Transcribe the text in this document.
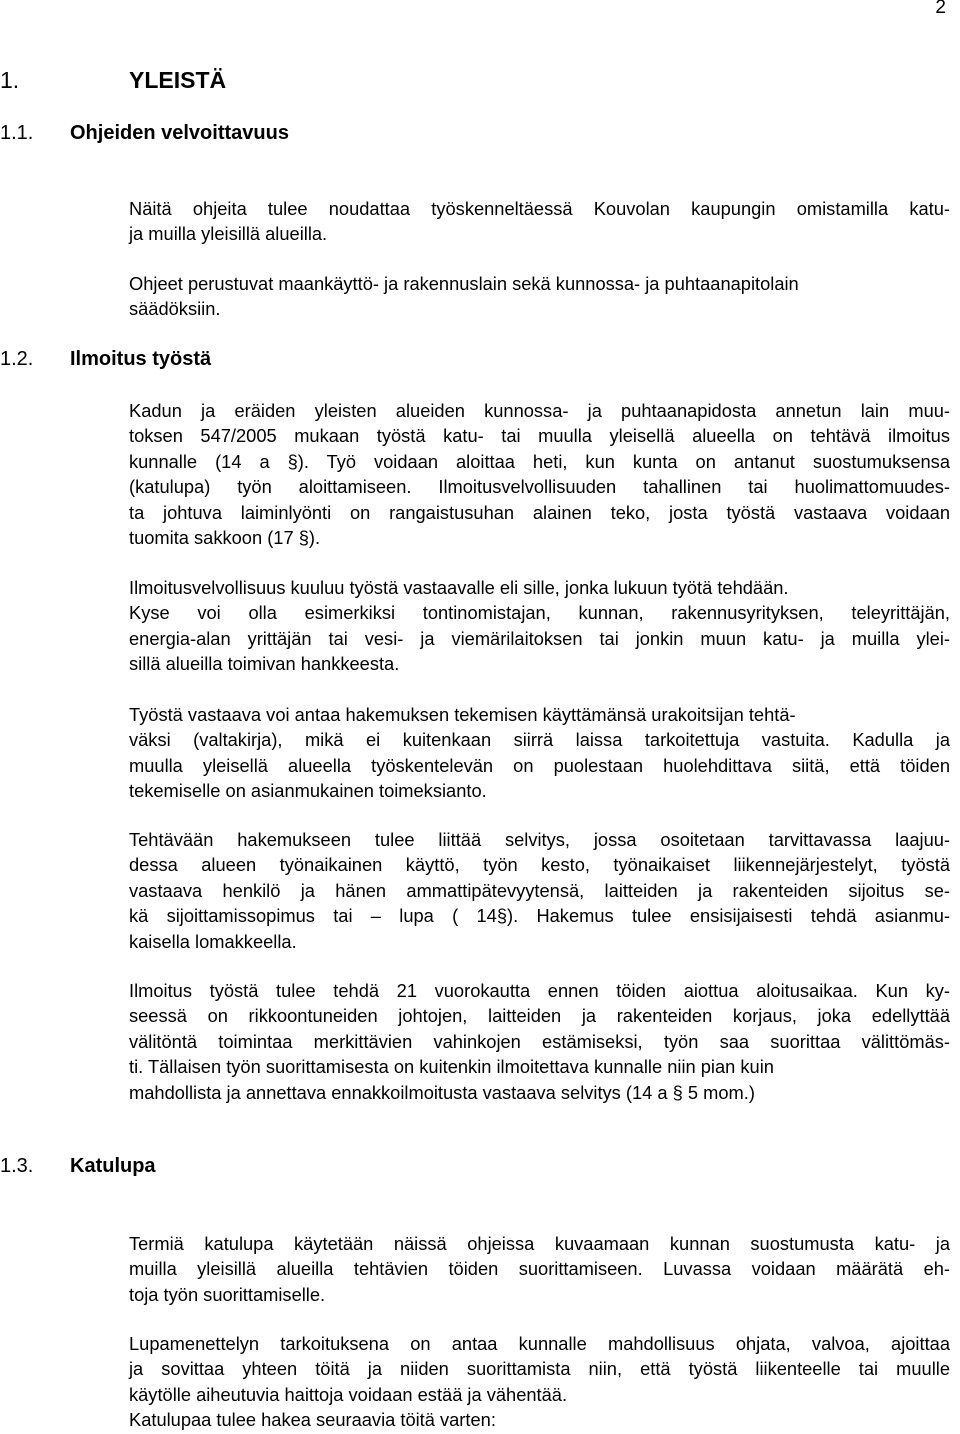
2
1.	YLEISTÄ
1.1. Ohjeiden velvoittavuus
Näitä ohjeita tulee noudattaa työskenneltäessä Kouvolan kaupungin omistamilla katu-
ja muilla yleisillä alueilla.
Ohjeet perustuvat maankäyttö- ja rakennuslain sekä kunnossa- ja puhtaanapitolain
säädöksiin.
1.2. Ilmoitus työstä
Kadun ja eräiden yleisten alueiden kunnossa- ja puhtaanapidosta annetun lain muu-
toksen 547/2005 mukaan työstä katu- tai muulla yleisellä alueella on tehtävä ilmoitus
kunnalle (14 a §). Työ voidaan aloittaa heti, kun kunta on antanut suostumuksensa
(katulupa) työn aloittamiseen. Ilmoitusvelvollisuuden tahallinen tai huolimattomuudes-
ta johtuva laiminlyönti on rangaistusuhan alainen teko, josta työstä vastaava voidaan
tuomita sakkoon (17 §).
Ilmoitusvelvollisuus kuuluu työstä vastaavalle eli sille, jonka lukuun työtä tehdään.
Kyse voi olla esimerkiksi tontinomistajan, kunnan, rakennusyrityksen, teleyrittäjän,
energia-alan yrittäjän tai vesi- ja viemärilaitoksen tai jonkin muun katu- ja muilla ylei-
sillä alueilla toimivan hankkeesta.
Työstä vastaava voi antaa hakemuksen tekemisen käyttämänsä urakoitsijan tehtä-
väksi (valtakirja), mikä ei kuitenkaan siirrä laissa tarkoitettuja vastuita. Kadulla ja
muulla yleisellä alueella työskentelevän on puolestaan huolehdittava siitä, että töiden
tekemiselle on asianmukainen toimeksianto.
Tehtävään hakemukseen tulee liittää selvitys, jossa osoitetaan tarvittavassa laajuu-
dessa alueen työnaikainen käyttö, työn kesto, työnaikaiset liikennejärjestelyt, työstä
vastaava henkilö ja hänen ammattipätevyytensä, laitteiden ja rakenteiden sijoitus se-
kä sijoittamissopimus tai – lupa ( 14§). Hakemus tulee ensisijaisesti tehdä asianmu-
kaisella lomakkeella.
Ilmoitus työstä tulee tehdä 21 vuorokautta ennen töiden aiottua aloitusaikaa. Kun ky-
seessä on rikkoontuneiden johtojen, laitteiden ja rakenteiden korjaus, joka edellyttää
välitöntä toimintaa merkittävien vahinkojen estämiseksi, työn saa suorittaa välittömäs-
ti. Tällaisen työn suorittamisesta on kuitenkin ilmoitettava kunnalle niin pian kuin
mahdollista ja annettava ennakkoilmoitusta vastaava selvitys (14 a § 5 mom.)
1.3. Katulupa
Termiä katulupa käytetään näissä ohjeissa kuvaamaan kunnan suostumusta katu- ja
muilla yleisillä alueilla tehtävien töiden suorittamiseen. Luvassa voidaan määrätä eh-
toja työn suorittamiselle.
Lupamenettelyn tarkoituksena on antaa kunnalle mahdollisuus ohjata, valvoa, ajoittaa
ja sovittaa yhteen töitä ja niiden suorittamista niin, että työstä liikenteelle tai muulle
käytölle aiheutuvia haittoja voidaan estää ja vähentää.
Katulupaa tulee hakea seuraavia töitä varten:
